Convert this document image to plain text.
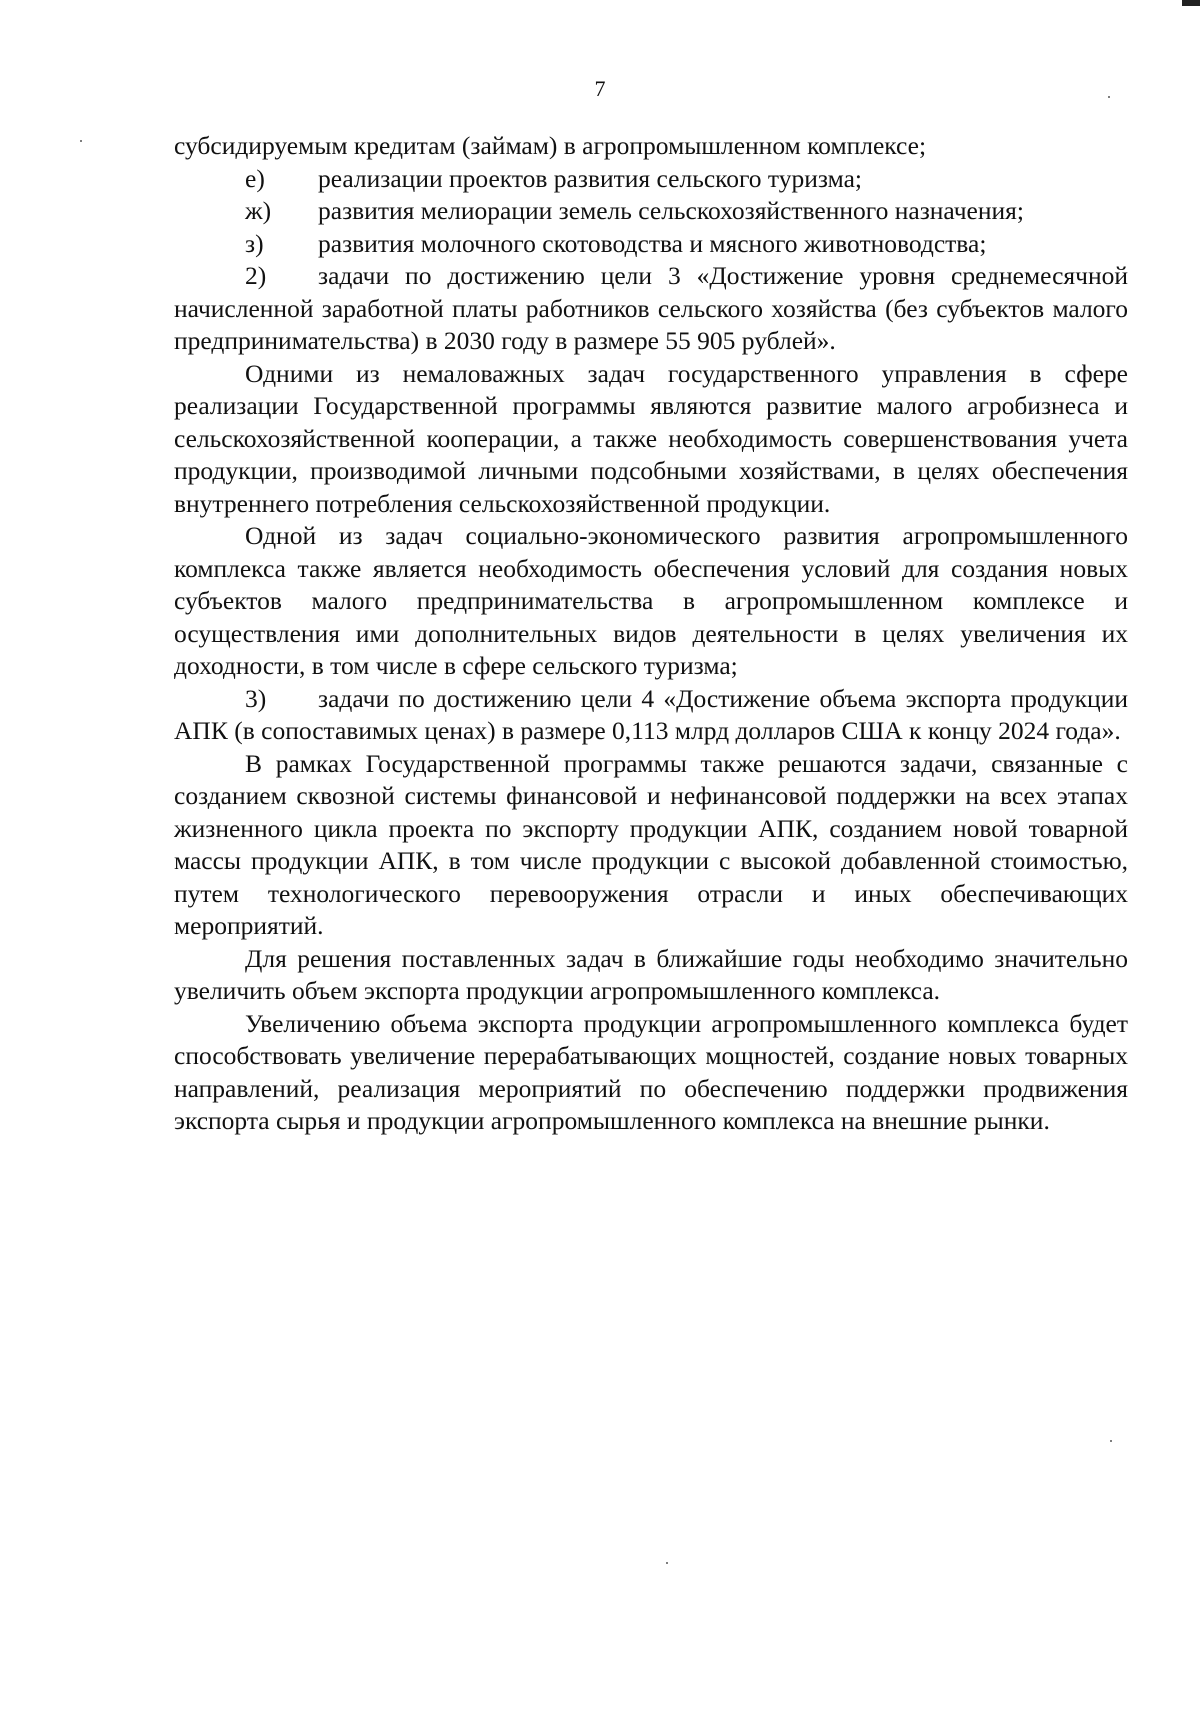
7

субсидируемым кредитам (займам) в агропромышленном комплексе;

е)	реализации проектов развития сельского туризма;
ж)	развития мелиорации земель сельскохозяйственного назначения;
з)	развития молочного скотоводства и мясного животноводства;

2) задачи по достижению цели 3 «Достижение уровня среднемесячной начисленной заработной платы работников сельского хозяйства (без субъектов малого предпринимательства) в 2030 году в размере 55 905 рублей».

Одними из немаловажных задач государственного управления в сфере реализации Государственной программы являются развитие малого агробизнеса и сельскохозяйственной кооперации, а также необходимость совершенствования учета продукции, производимой личными подсобными хозяйствами, в целях обеспечения внутреннего потребления сельскохозяйственной продукции.

Одной из задач социально-экономического развития агропромышленного комплекса также является необходимость обеспечения условий для создания новых субъектов малого предпринимательства в агропромышленном комплексе и осуществления ими дополнительных видов деятельности в целях увеличения их доходности, в том числе в сфере сельского туризма;

3) задачи по достижению цели 4 «Достижение объема экспорта продукции АПК (в сопоставимых ценах) в размере 0,113 млрд долларов США к концу 2024 года».

В рамках Государственной программы также решаются задачи, связанные с созданием сквозной системы финансовой и нефинансовой поддержки на всех этапах жизненного цикла проекта по экспорту продукции АПК, созданием новой товарной массы продукции АПК, в том числе продукции с высокой добавленной стоимостью, путем технологического перевооружения отрасли и иных обеспечивающих мероприятий.

Для решения поставленных задач в ближайшие годы необходимо значительно увеличить объем экспорта продукции агропромышленного комплекса.

Увеличению объема экспорта продукции агропромышленного комплекса будет способствовать увеличение перерабатывающих мощностей, создание новых товарных направлений, реализация мероприятий по обеспечению поддержки продвижения экспорта сырья и продукции агропромышленного комплекса на внешние рынки.
